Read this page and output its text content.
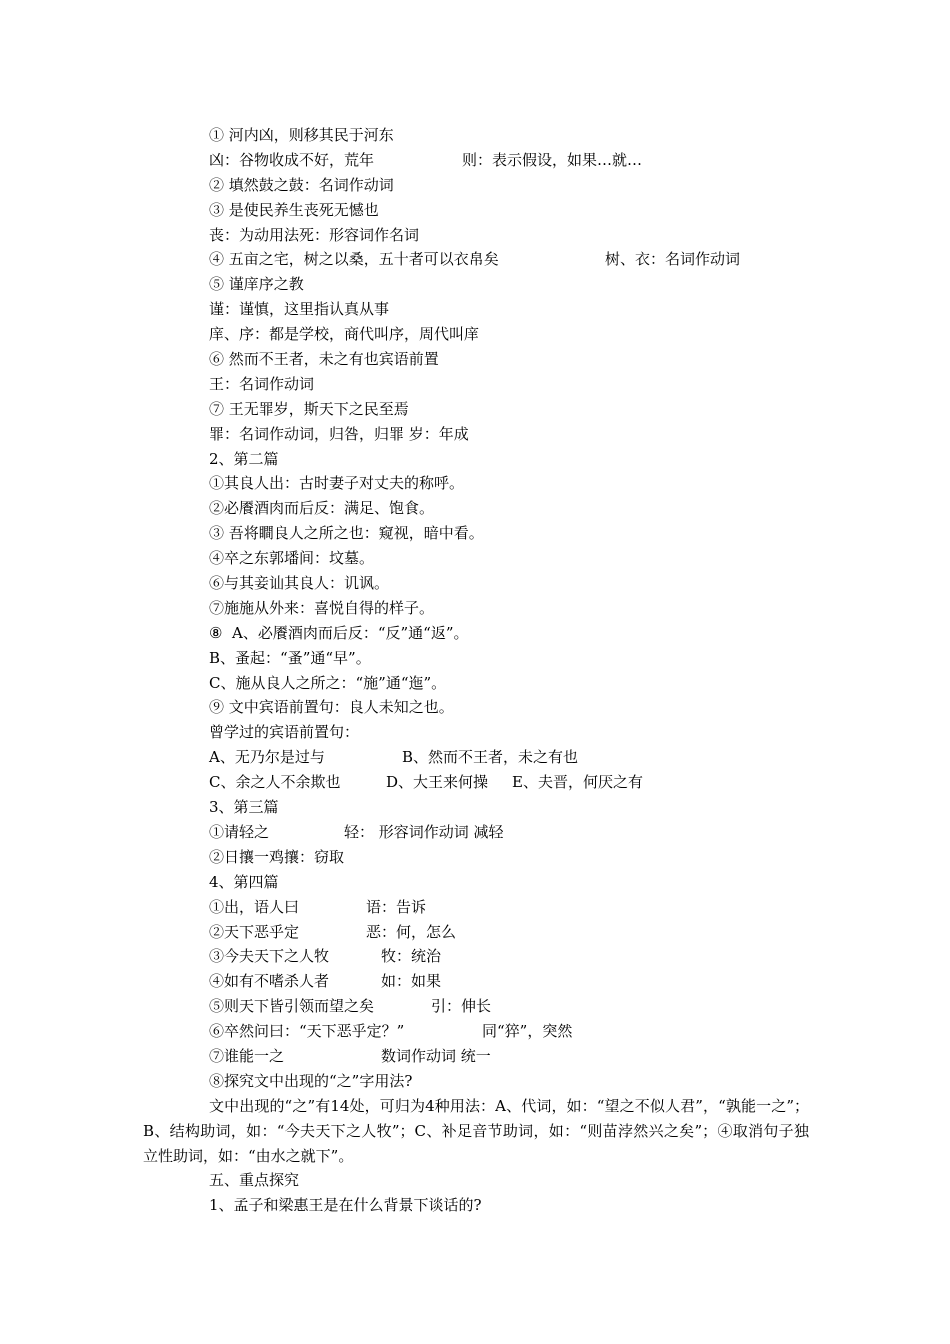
① 河内凶，则移其民于河东
凶：谷物收成不好，荒年	则：表示假设，如果…就…
② 填然鼓之鼓：名词作动词
③ 是使民养生丧死无憾也
丧：为动用法死：形容词作名词
④ 五亩之宅，树之以桑，五十者可以衣帛矣	树、衣：名词作动词
⑤ 谨庠序之教
谨：谨慎，这里指认真从事
庠、序：都是学校，商代叫序，周代叫庠
⑥ 然而不王者，未之有也宾语前置
王：名词作动词
⑦ 王无罪岁，斯天下之民至焉
罪：名词作动词，归咎，归罪 岁：年成
2、第二篇
①其良人出：古时妻子对丈夫的称呼。
②必餍酒肉而后反：满足、饱食。
③ 吾将瞷良人之所之也：窥视，暗中看。
④卒之东郭墦间：坟墓。
⑥与其妾讪其良人：讥讽。
⑦施施从外来：喜悦自得的样子。
⑧  A、必餍酒肉而后反：“反”通“返”。
B、蚤起：“蚤”通“早”。
C、施从良人之所之：“施”通“迤”。
⑨ 文中宾语前置句：良人未知之也。
曾学过的宾语前置句：
A、无乃尔是过与	B、然而不王者，未之有也
C、余之人不余欺也	D、大王来何操 E、夫晋，何厌之有
3、第三篇
①请轻之	轻： 形容词作动词 减轻
②日攘一鸡攘：窃取
4、第四篇
①出，语人曰	语：告诉
②天下恶乎定	恶：何，怎么
③今夫天下之人牧	牧：统治
④如有不嗜杀人者	如：如果
⑤则天下皆引领而望之矣	引：伸长
⑥卒然问曰：“天下恶乎定？”	同“猝”，突然
⑦谁能一之	数词作动词 统一
⑧探究文中出现的“之”字用法?
文中出现的“之”有14处，可归为4种用法：A、代词，如：“望之不似人君”，“孰能一之”；B、结构助词，如：“今夫天下之人牧”；C、补足音节助词，如：“则苗浡然兴之矣”；④取消句子独立性助词，如：“由水之就下”。
五、重点探究
1、孟子和梁惠王是在什么背景下谈话的?
